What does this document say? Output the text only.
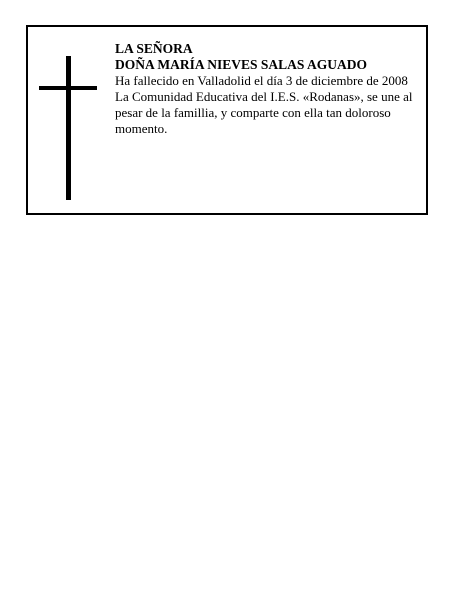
LA SEÑORA
DOÑA MARÍA NIEVES SALAS AGUADO
Ha fallecido en Valladolid el día 3 de diciembre de 2008
La Comunidad Educativa del I.E.S. «Rodanas», se une al pesar de la famillia, y comparte con ella tan doloroso momento.
